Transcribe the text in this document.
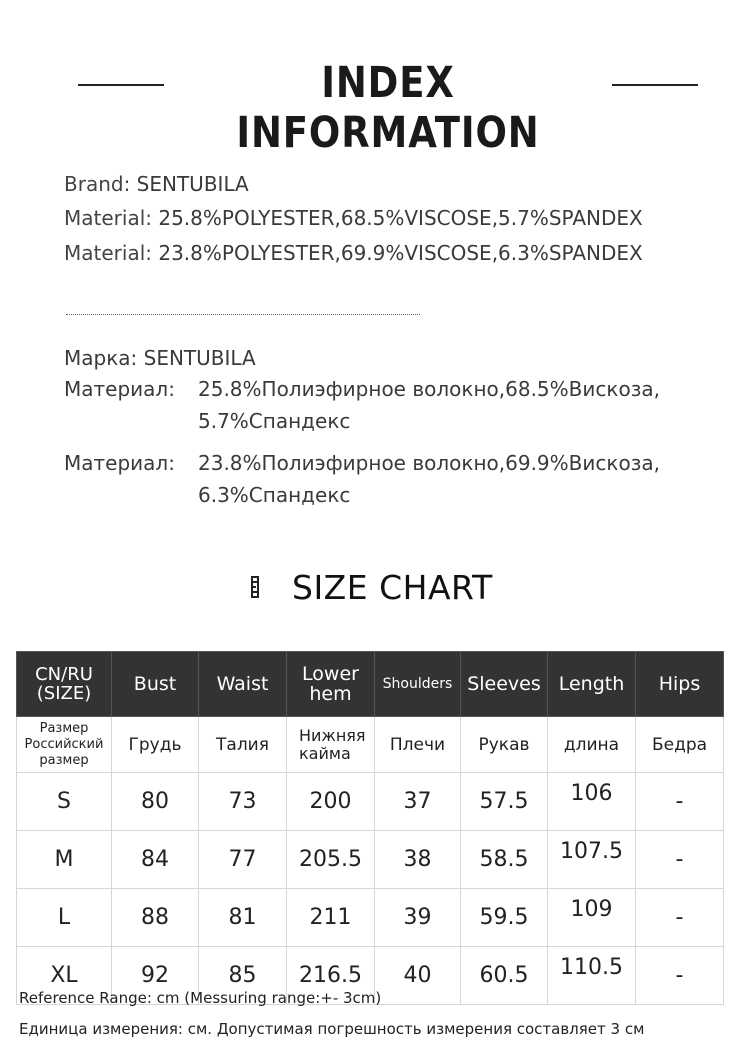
INDEX INFORMATION
Brand: SENTUBILA
Material: 25.8%POLYESTER,68.5%VISCOSE,5.7%SPANDEX
Material: 23.8%POLYESTER,69.9%VISCOSE,6.3%SPANDEX
Марка: SENTUBILA
Материал: 25.8%Полиэфирное волокно,68.5%Вискоза,
5.7%Спандекс
Материал: 23.8%Полиэфирное волокно,69.9%Вискоза,
6.3%Спандекс
SIZE CHART
CN/RU (SIZE)	Bust	Waist	Lower hem	Shoulders	Sleeves	Length	Hips
Размер Российский размер	Грудь	Талия	Нижняя кайма	Плечи	Рукав	длина	Бедра
S	80	73	200	37	57.5	106	-
M	84	77	205.5	38	58.5	107.5	-
L	88	81	211	39	59.5	109	-
XL	92	85	216.5	40	60.5	110.5	-
Reference Range: cm (Messuring range:+- 3cm)
Единица измерения: см. Допустимая погрешность измерения составляет 3 см
